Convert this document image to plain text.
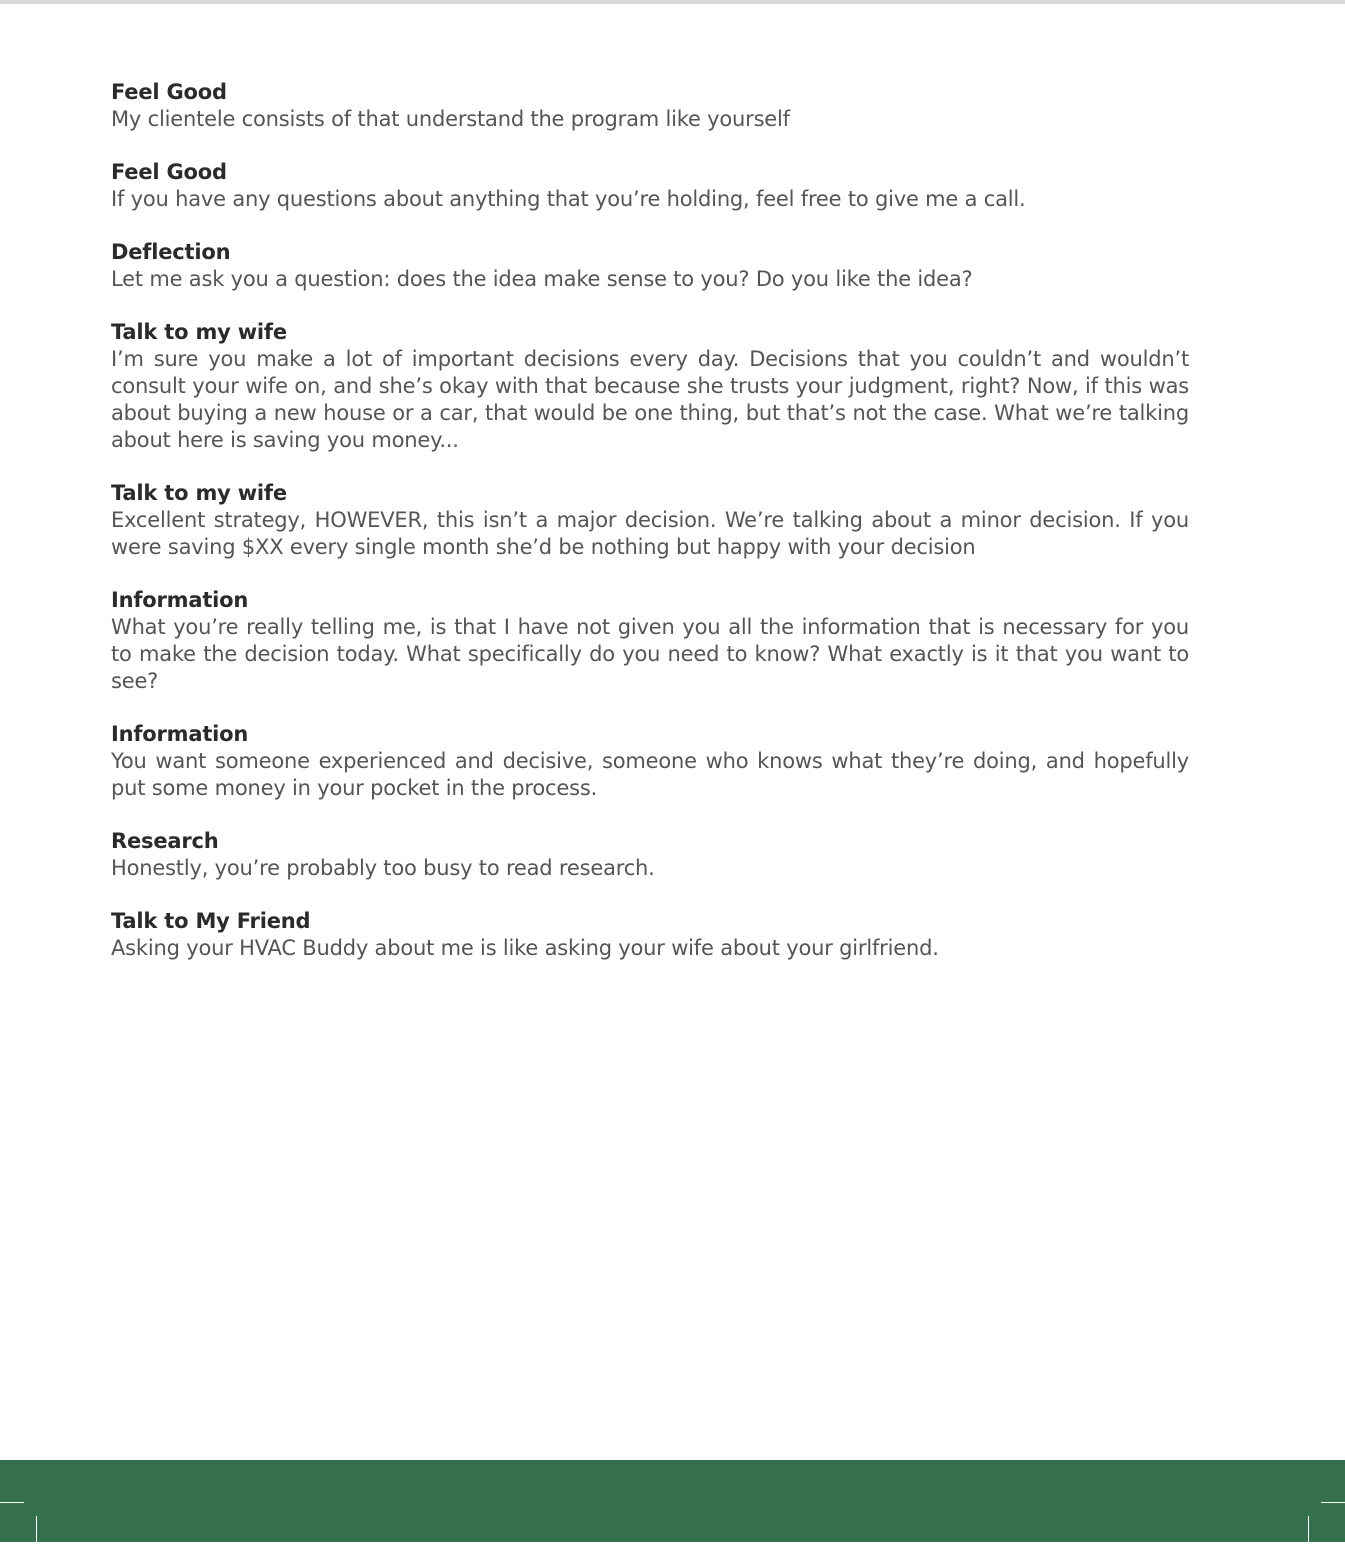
Feel Good
My clientele consists of that understand the program like yourself
Feel Good
If you have any questions about anything that you’re holding, feel free to give me a call.
Deflection
Let me ask you a question: does the idea make sense to you? Do you like the idea?
Talk to my wife
I’m sure you make a lot of important decisions every day. Decisions that you couldn’t and wouldn’t consult your wife on, and she’s okay with that because she trusts your judgment, right? Now, if this was about buying a new house or a car, that would be one thing, but that’s not the case. What we’re talking about here is saving you money...
Talk to my wife
Excellent strategy, HOWEVER, this isn’t a major decision. We’re talking about a minor decision. If you were saving $XX every single month she’d be nothing but happy with your decision
Information
What you’re really telling me, is that I have not given you all the information that is necessary for you to make the decision today. What specifically do you need to know? What exactly is it that you want to see?
Information
You want someone experienced and decisive, someone who knows what they’re doing, and hopefully put some money in your pocket in the process.
Research
Honestly, you’re probably too busy to read research.
Talk to My Friend
Asking your HVAC Buddy about me is like asking your wife about your girlfriend.
